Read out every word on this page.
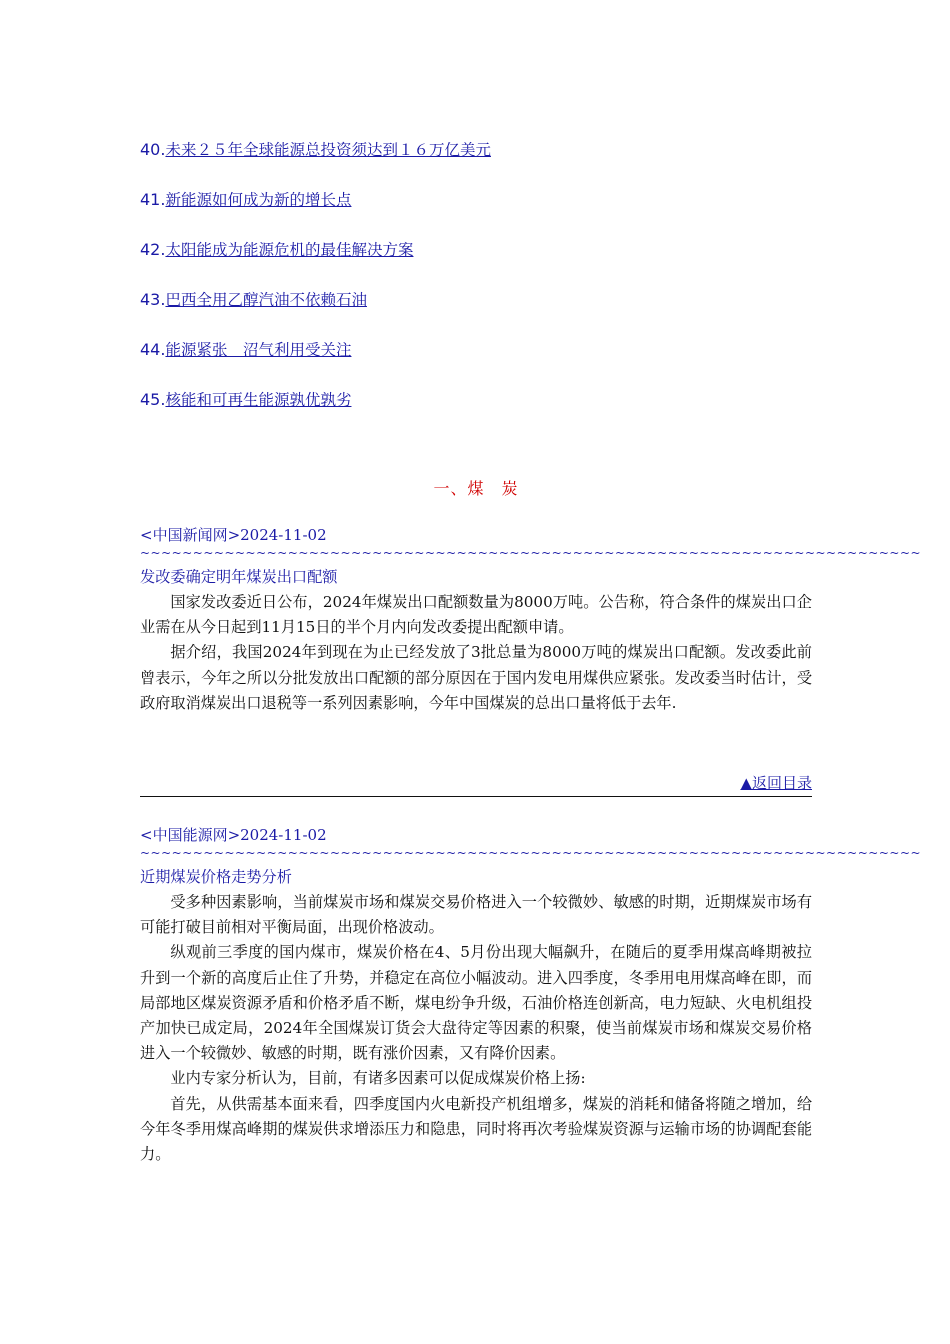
40.未来２５年全球能源总投资须达到１６万亿美元
41.新能源如何成为新的增长点
42.太阳能成为能源危机的最佳解决方案
43.巴西全用乙醇汽油不依赖石油
44.能源紧张　沼气利用受关注
45.核能和可再生能源孰优孰劣
一、煤　炭
<中国新闻网>2024-11-02
~~~~~~~~~~~~~~~~~~~~~~~~~~~~~~~~~~~~~~~~~~~~~~~~~~~~~~~~~~~~~~~~~~~~~~~~~~
发改委确定明年煤炭出口配额

国家发改委近日公布，2024年煤炭出口配额数量为8000万吨。公告称，符合条件的煤炭出口企业需在从今日起到11月15日的半个月内向发改委提出配额申请。

据介绍，我国2024年到现在为止已经发放了3批总量为8000万吨的煤炭出口配额。发改委此前曾表示，今年之所以分批发放出口配额的部分原因在于国内发电用煤供应紧张。发改委当时估计，受政府取消煤炭出口退税等一系列因素影响，今年中国煤炭的总出口量将低于去年.

▲返回目录
<中国能源网>2024-11-02
~~~~~~~~~~~~~~~~~~~~~~~~~~~~~~~~~~~~~~~~~~~~~~~~~~~~~~~~~~~~~~~~~~~~~~~~~~
近期煤炭价格走势分析

受多种因素影响，当前煤炭市场和煤炭交易价格进入一个较微妙、敏感的时期，近期煤炭市场有可能打破目前相对平衡局面，出现价格波动。

纵观前三季度的国内煤市，煤炭价格在4、5月份出现大幅飙升，在随后的夏季用煤高峰期被拉升到一个新的高度后止住了升势，并稳定在高位小幅波动。进入四季度，冬季用电用煤高峰在即，而局部地区煤炭资源矛盾和价格矛盾不断，煤电纷争升级，石油价格连创新高，电力短缺、火电机组投产加快已成定局，2024年全国煤炭订货会大盘待定等因素的积聚，使当前煤炭市场和煤炭交易价格进入一个较微妙、敏感的时期，既有涨价因素，又有降价因素。

业内专家分析认为，目前，有诸多因素可以促成煤炭价格上扬:

首先，从供需基本面来看，四季度国内火电新投产机组增多，煤炭的消耗和储备将随之增加，给今年冬季用煤高峰期的煤炭供求增添压力和隐患，同时将再次考验煤炭资源与运输市场的协调配套能力。
